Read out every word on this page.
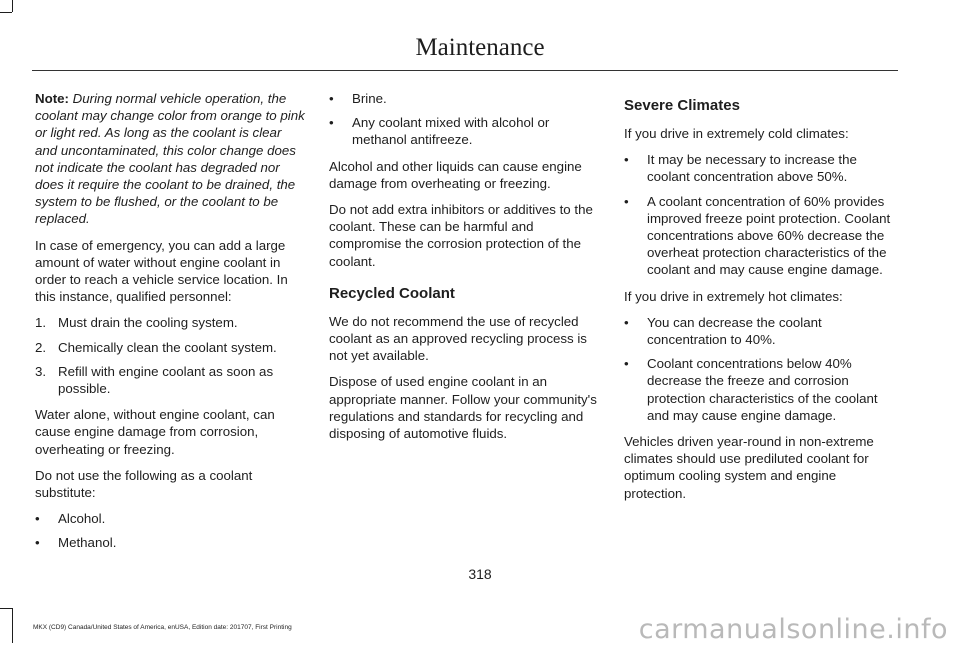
Maintenance

Note: During normal vehicle operation, the coolant may change color from orange to pink or light red. As long as the coolant is clear and uncontaminated, this color change does not indicate the coolant has degraded nor does it require the coolant to be drained, the system to be flushed, or the coolant to be replaced.

In case of emergency, you can add a large amount of water without engine coolant in order to reach a vehicle service location. In this instance, qualified personnel:

1. Must drain the cooling system.
2. Chemically clean the coolant system.
3. Refill with engine coolant as soon as possible.

Water alone, without engine coolant, can cause engine damage from corrosion, overheating or freezing.

Do not use the following as a coolant substitute:

• Alcohol.
• Methanol.
• Brine.
• Any coolant mixed with alcohol or methanol antifreeze.

Alcohol and other liquids can cause engine damage from overheating or freezing.

Do not add extra inhibitors or additives to the coolant. These can be harmful and compromise the corrosion protection of the coolant.

Recycled Coolant

We do not recommend the use of recycled coolant as an approved recycling process is not yet available.

Dispose of used engine coolant in an appropriate manner. Follow your community's regulations and standards for recycling and disposing of automotive fluids.

Severe Climates

If you drive in extremely cold climates:

• It may be necessary to increase the coolant concentration above 50%.
• A coolant concentration of 60% provides improved freeze point protection. Coolant concentrations above 60% decrease the overheat protection characteristics of the coolant and may cause engine damage.

If you drive in extremely hot climates:

• You can decrease the coolant concentration to 40%.
• Coolant concentrations below 40% decrease the freeze and corrosion protection characteristics of the coolant and may cause engine damage.

Vehicles driven year-round in non-extreme climates should use prediluted coolant for optimum cooling system and engine protection.

318
MKX (CD9) Canada/United States of America, enUSA, Edition date: 201707, First Printing	carmanualsonline.info
